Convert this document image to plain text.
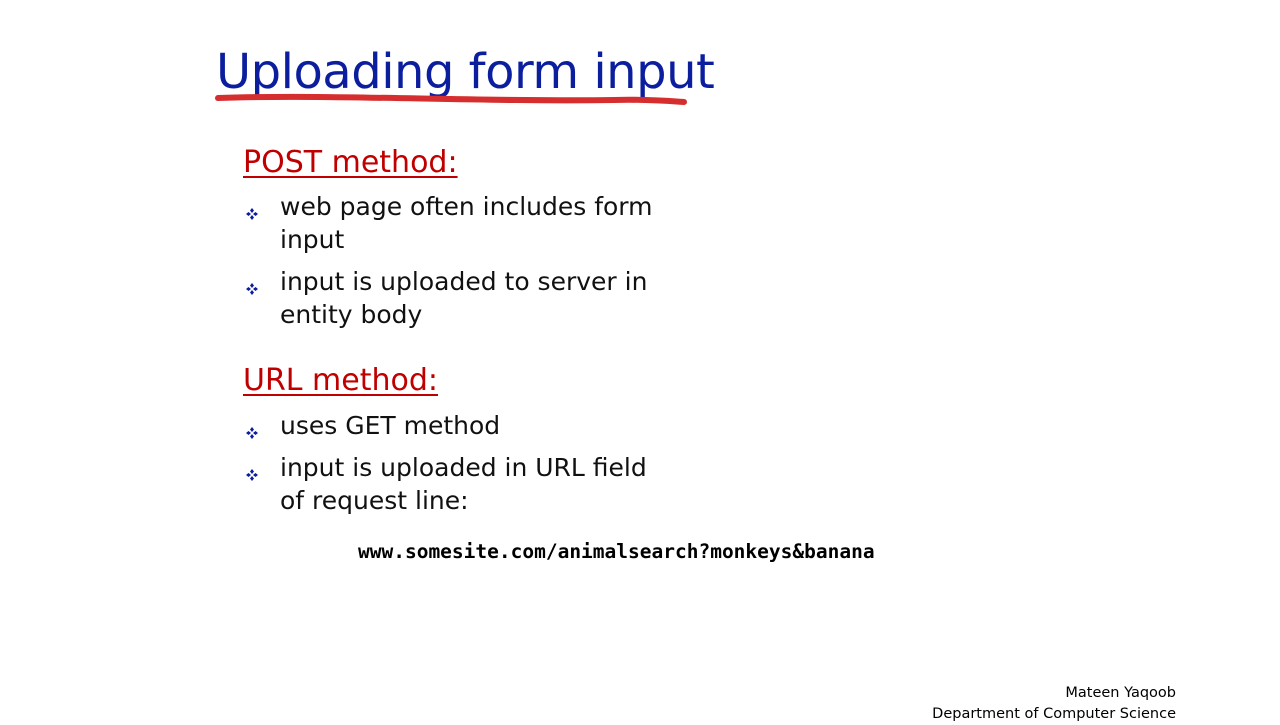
Uploading form input
POST method:
web page often includes form input
input is uploaded to server in entity body
URL method:
uses GET method
input is uploaded in URL field of request line:
www.somesite.com/animalsearch?monkeys&banana
Mateen Yaqoob
Department of Computer Science
